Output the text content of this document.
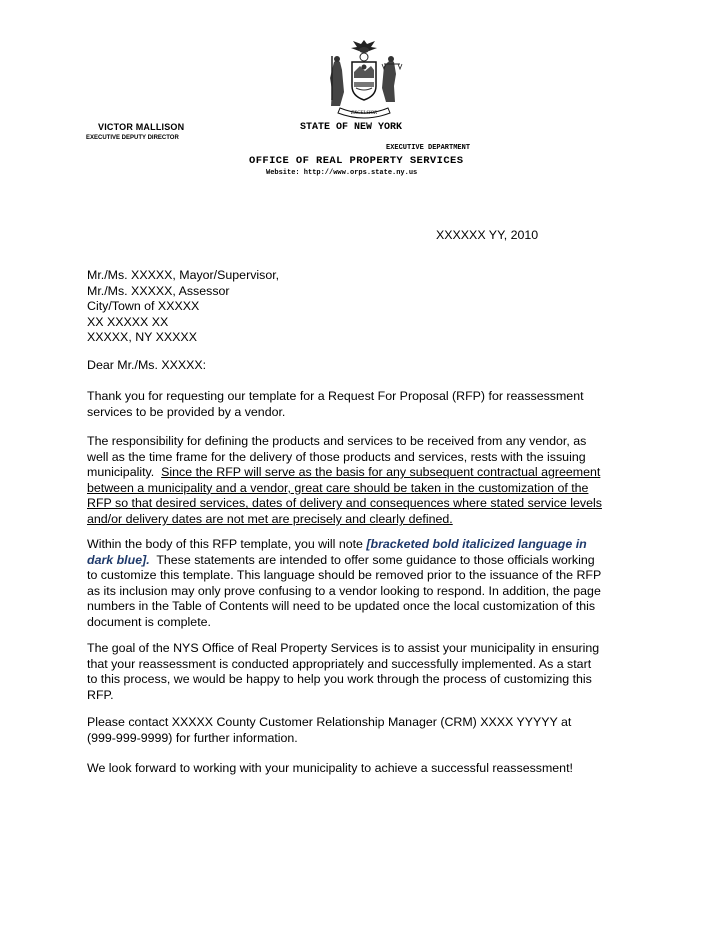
EXCELSIOR
VICTOR MALLISON
EXECUTIVE DEPUTY DIRECTOR
STATE OF NEW YORK
EXECUTIVE DEPARTMENT
OFFICE OF REAL PROPERTY SERVICES
Website: http://www.orps.state.ny.us
XXXXXX YY, 2010
Mr./Ms. XXXXX, Mayor/Supervisor,
Mr./Ms. XXXXX, Assessor
City/Town of XXXXX
XX XXXXX XX
XXXXX, NY XXXXX
Dear Mr./Ms. XXXXX:
Thank you for requesting our template for a Request For Proposal (RFP) for reassessment
services to be provided by a vendor.
The responsibility for defining the products and services to be received from any vendor, as
well as the time frame for the delivery of those products and services, rests with the issuing
municipality.  Since the RFP will serve as the basis for any subsequent contractual agreement
between a municipality and a vendor, great care should be taken in the customization of the
RFP so that desired services, dates of delivery and consequences where stated service levels
and/or delivery dates are not met are precisely and clearly defined.
Within the body of this RFP template, you will note [bracketed bold italicized language in
dark blue].  These statements are intended to offer some guidance to those officials working
to customize this template. This language should be removed prior to the issuance of the RFP
as its inclusion may only prove confusing to a vendor looking to respond. In addition, the page
numbers in the Table of Contents will need to be updated once the local customization of this
document is complete.
The goal of the NYS Office of Real Property Services is to assist your municipality in ensuring
that your reassessment is conducted appropriately and successfully implemented. As a start
to this process, we would be happy to help you work through the process of customizing this
RFP.
Please contact XXXXX County Customer Relationship Manager (CRM) XXXX YYYYY at
(999-999-9999) for further information.
We look forward to working with your municipality to achieve a successful reassessment!
